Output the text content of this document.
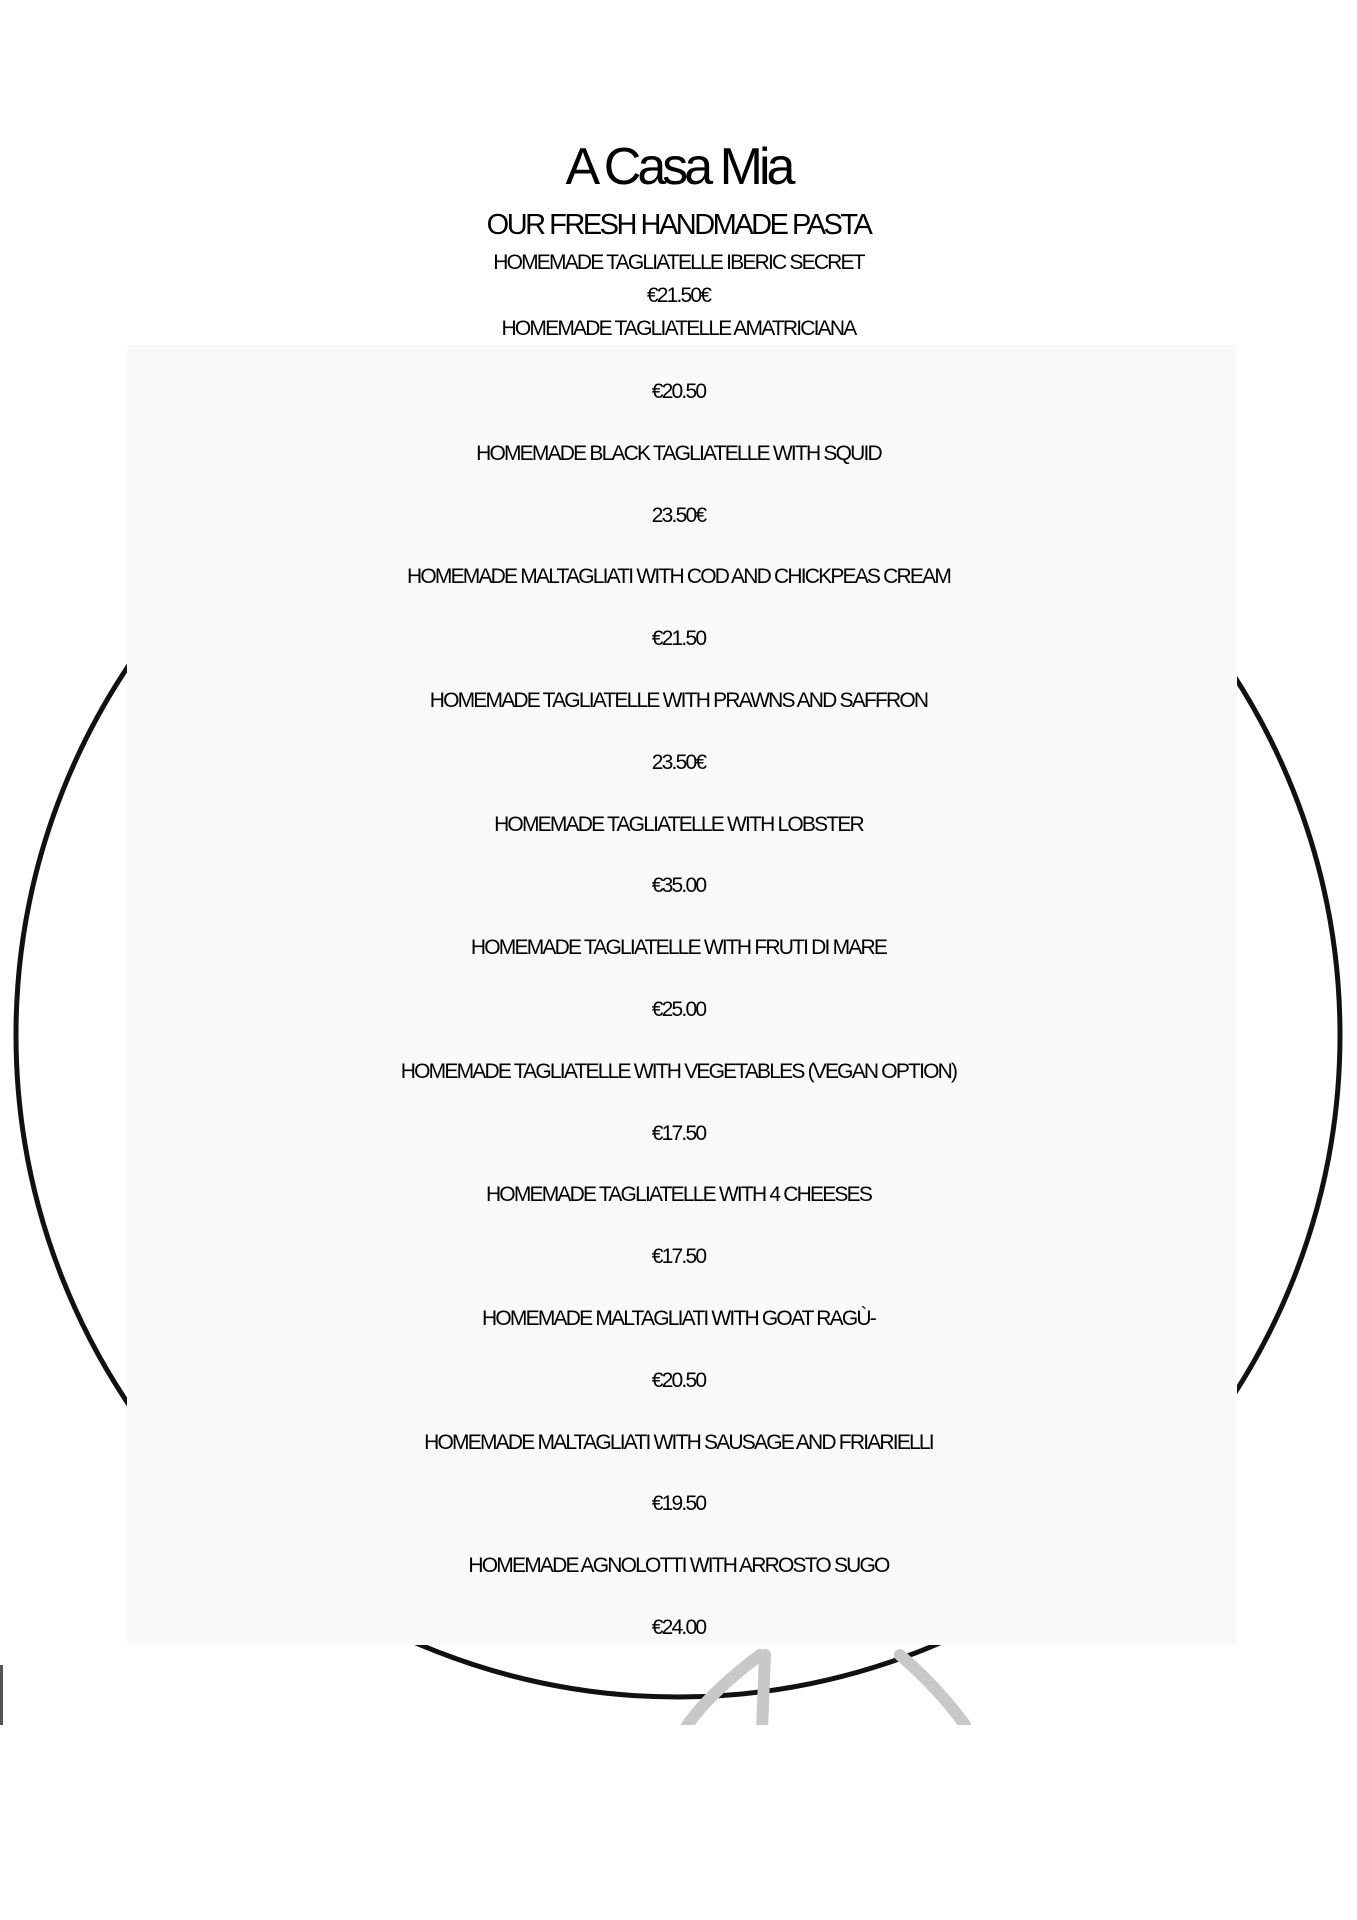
A Casa Mia
OUR FRESH HANDMADE PASTA
HOMEMADE TAGLIATELLE IBERIC SECRET
€21.50€
HOMEMADE TAGLIATELLE AMATRICIANA
€20.50
HOMEMADE BLACK TAGLIATELLE WITH SQUID
23.50€
HOMEMADE MALTAGLIATI WITH COD AND CHICKPEAS CREAM
€21.50
HOMEMADE TAGLIATELLE WITH PRAWNS AND SAFFRON
23.50€
HOMEMADE TAGLIATELLE WITH LOBSTER
€35.00
HOMEMADE TAGLIATELLE WITH FRUTI DI MARE
€25.00
HOMEMADE TAGLIATELLE WITH VEGETABLES (VEGAN OPTION)
€17.50
HOMEMADE TAGLIATELLE WITH 4 CHEESES
€17.50
HOMEMADE MALTAGLIATI WITH GOAT RAGÙ-
€20.50
HOMEMADE MALTAGLIATI WITH SAUSAGE AND FRIARIELLI
€19.50
HOMEMADE AGNOLOTTI WITH ARROSTO SUGO
€24.00
